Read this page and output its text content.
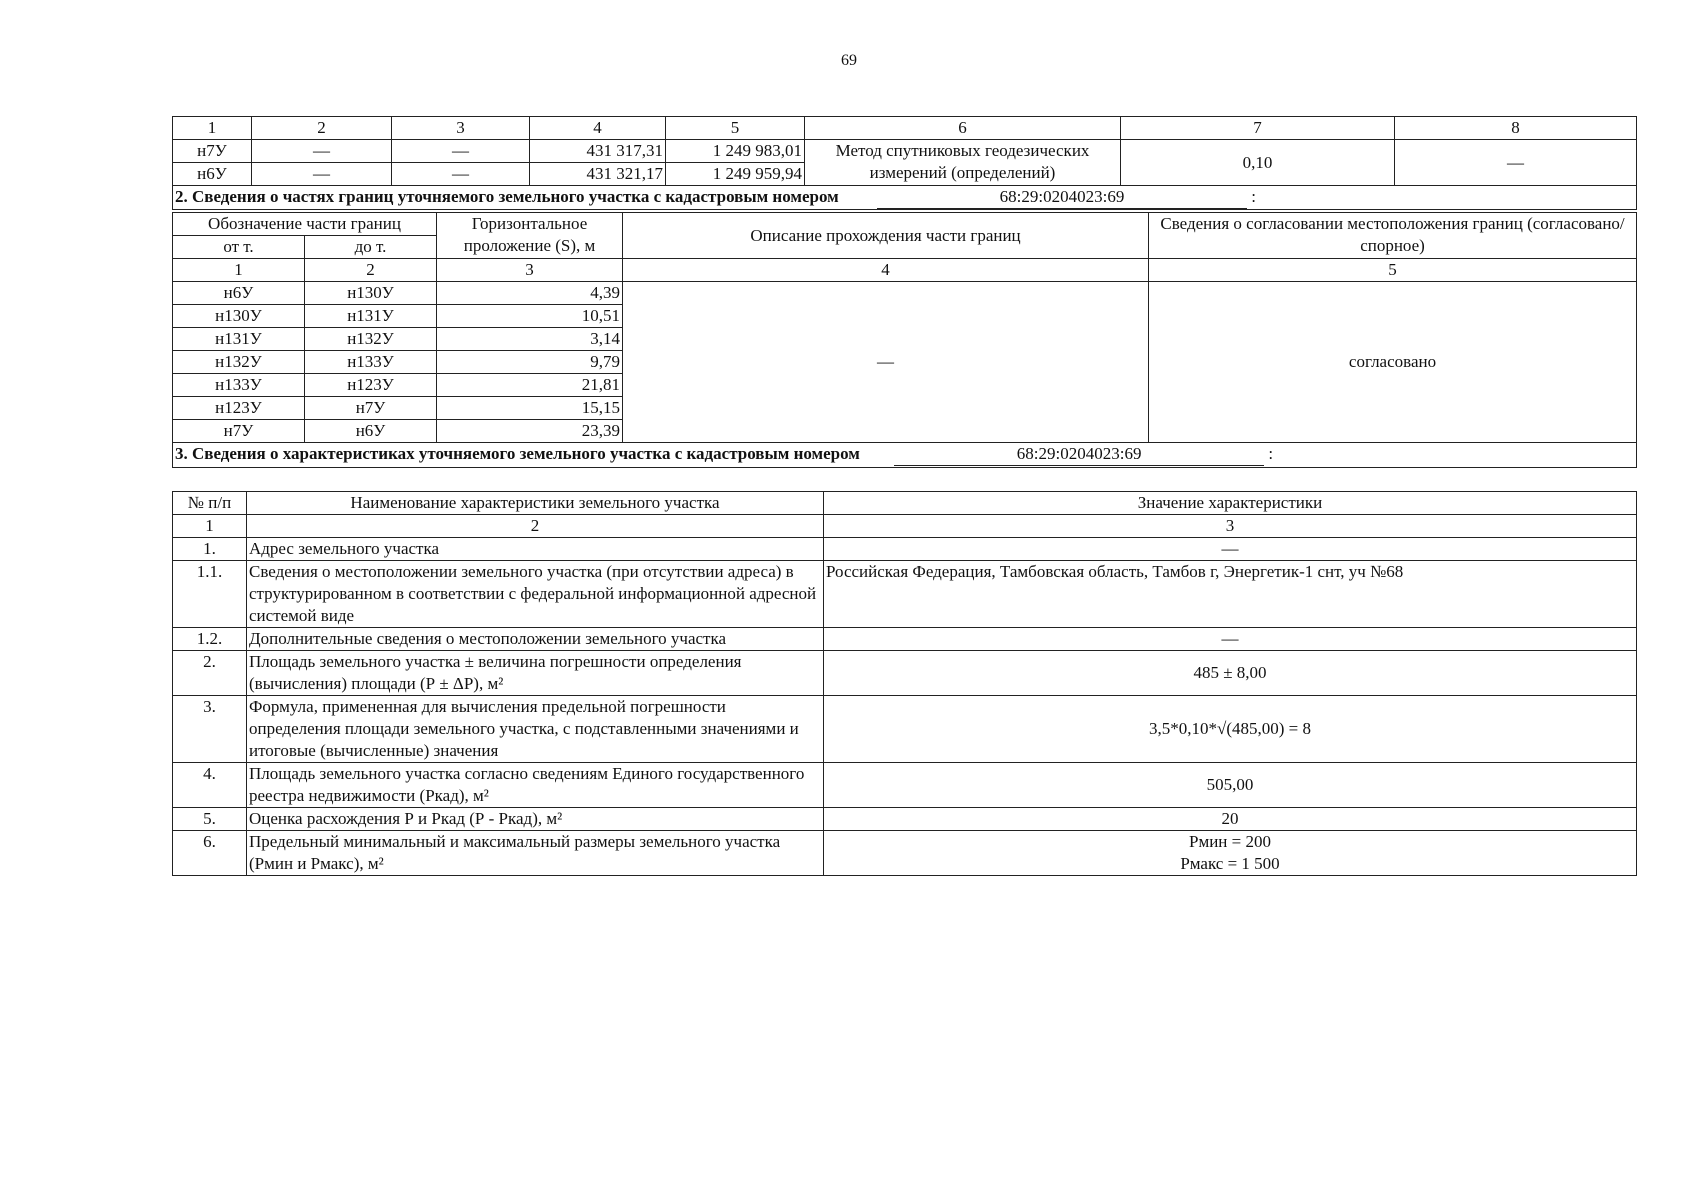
69
1	2	3	4	5	6	7	8
н7У	—	—	431 317,31	1 249 983,01	Метод спутниковых геодезических измерений (определений)	0,10	—
н6У	—	—	431 321,17	1 249 959,94			
2. Сведения о частях границ уточняемого земельного участка с кадастровым номером 68:29:0204023:69 :							
Обозначение части границ		Горизонтальное проложение (S), м	Описание прохождения части границ	Сведения о согласовании местоположения границ (согласовано/спорное)
от т.	до т.			
1	2	3	4	5
н6У	н130У	4,39	—	согласовано
н130У	н131У	10,51		
н131У	н132У	3,14		
н132У	н133У	9,79		
н133У	н123У	21,81		
н123У	н7У	15,15		
н7У	н6У	23,39		
3. Сведения о характеристиках уточняемого земельного участка с кадастровым номером 68:29:0204023:69 :				
№ п/п	Наименование характеристики земельного участка	Значение характеристики
1	2	3
1.	Адрес земельного участка	—
1.1.	Сведения о местоположении земельного участка (при отсутствии адреса) в структурированном в соответствии с федеральной информационной адресной системой виде	Российская Федерация, Тамбовская область, Тамбов г, Энергетик-1 снт, уч №68
1.2.	Дополнительные сведения о местоположении земельного участка	—
2.	Площадь земельного участка ± величина погрешности определения (вычисления) площади (Р ± ΔР), м²	485 ± 8,00
3.	Формула, примененная для вычисления предельной погрешности определения площади земельного участка, с подставленными значениями и итоговые (вычисленные) значения	3,5*0,10*√(485,00) = 8
4.	Площадь земельного участка согласно сведениям Единого государственного реестра недвижимости (Ркад), м²	505,00
5.	Оценка расхождения Р и Ркад (Р - Ркад), м²	20
6.	Предельный минимальный и максимальный размеры земельного участка (Рмин и Рмакс), м²	Рмин = 200
Рмакс = 1 500
